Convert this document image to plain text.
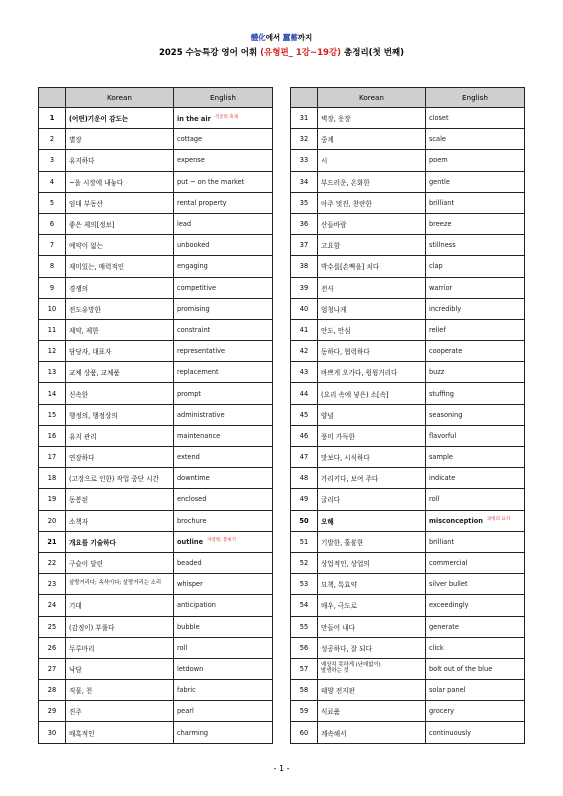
體化에서 蠶蓄까지
2025 수능특강 영어 어휘 (유형편_ 1강~19강) 총정리(첫 번째)
	Korean	English
1	(어떤)기운이 감도는	in the air $^{석굴의 축제}$
2	별장	cottage
3	유지하다	expense
4	~을 시장에 내놓다	put ~ on the market
5	임대 부동산	rental property
6	좋은 제의[정보]	lead
7	예약이 없는	unbooked
8	재미있는, 매력적인	engaging
9	경쟁의	competitive
10	전도유망한	promising
11	제약, 제한	constraint
12	담당자, 대표자	representative
13	교체 상품, 교체품	replacement
14	신속한	prompt
15	행정의, 행정상의	administrative
16	유지 관리	maintenance
17	연장하다	extend
18	(고장으로 인한) 작업 중단 시간	downtime
19	동봉된	enclosed
20	소책자	brochure
21	개요를 기술하다	outline $^{자장명, 봉위기}$
22	구슬이 달린	beaded
23	살랑거리다; 속삭이다; 살랑거리는 소리	whisper
24	기대	anticipation
25	(감정이) 부풀다	bubble
26	두루마리	roll
27	낙담	letdown
28	직물, 천	fabric
29	진주	pearl
30	매혹적인	charming
	Korean	English
31	벽장, 옷장	closet
32	중계	scale
33	시	poem
34	부드러운, 온화한	gentle
35	아주 멋진, 찬란한	brilliant
36	산들바람	breeze
37	고요함	stillness
38	박수를[손뼉을] 치다	clap
39	전사	warrior
40	엄청나게	incredibly
41	안도, 안심	relief
42	동하다, 협력하다	cooperate
43	바쁘게 오가다, 윙윙거리다	buzz
44	(요리 속에 넣은) 소[속]	stuffing
45	양념	seasoning
46	풍미 가득한	flavorful
47	맛보다, 시식하다	sample
48	가리키다, 보여 주다	indicate
49	굴리다	roll
50	오해	misconception $^{과정의 요지}$
51	기발한, 훌륭한	brilliant
52	상업적인, 상업의	commercial
53	묘책, 특효약	silver bullet
54	매우, 극도로	exceedingly
55	만들어 내다	generate
56	성공하다, 잘 되다	click
57	예상치 못하게 (난데없이)
발생하는 것	bolt out of the blue
58	태양 전지판	solar panel
59	식료품	grocery
60	계속해서	continuously
- 1 -
